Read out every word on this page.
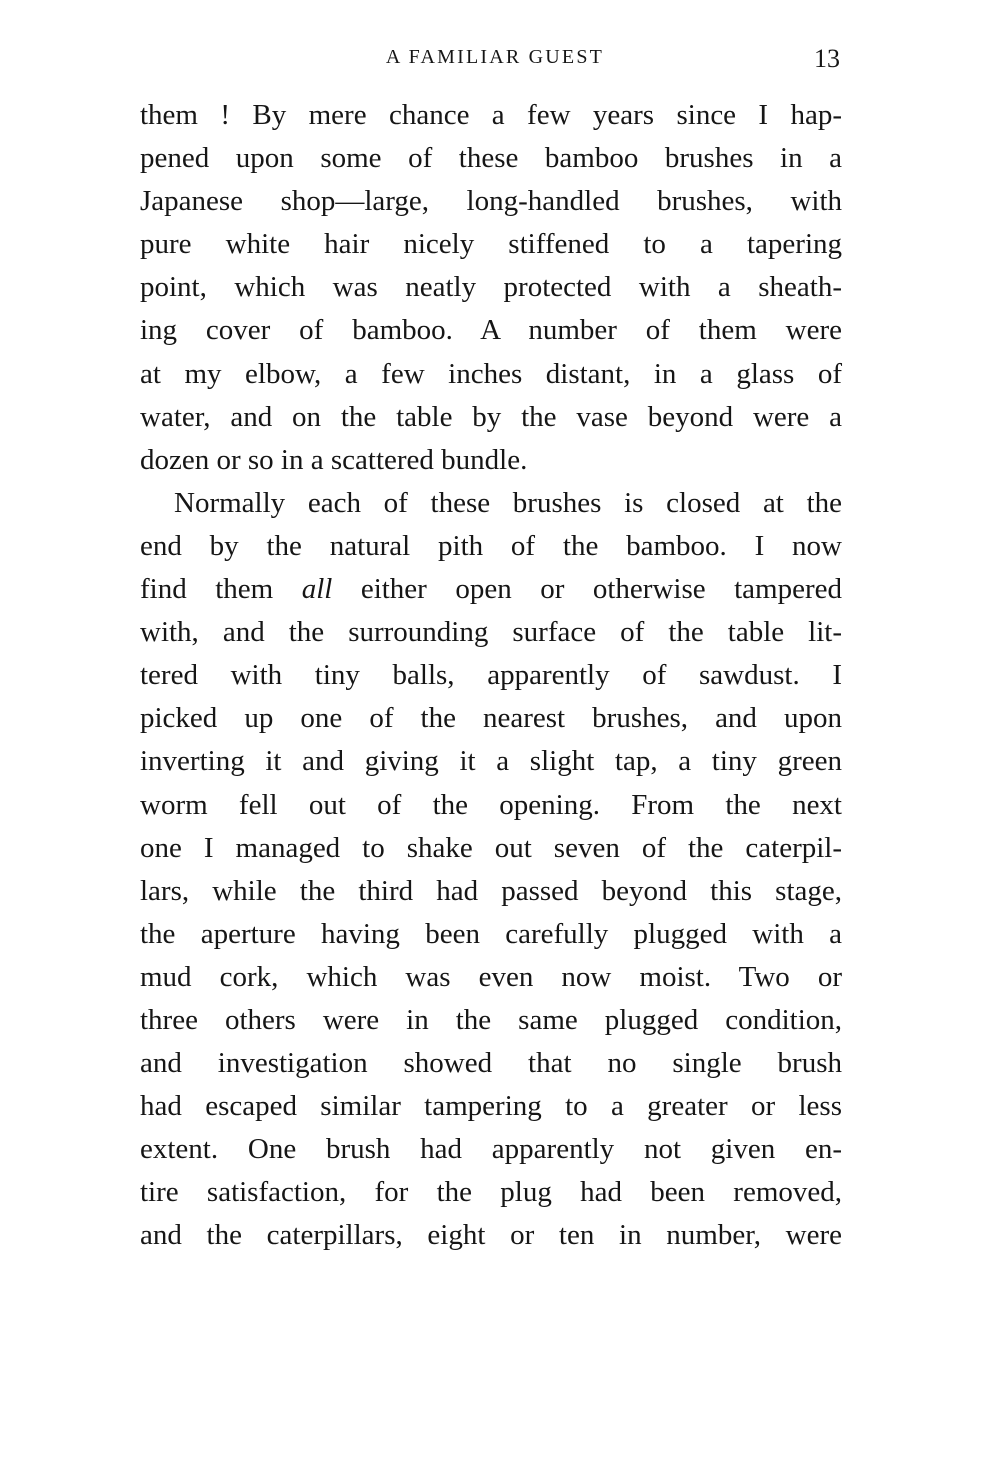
A FAMILIAR GUEST	13
them ! By mere chance a few years since I hap-
pened upon some of these bamboo brushes in a
Japanese shop—large, long-handled brushes, with
pure white hair nicely stiffened to a tapering
point, which was neatly protected with a sheath-
ing cover of bamboo. A number of them were
at my elbow, a few inches distant, in a glass of
water, and on the table by the vase beyond were a
dozen or so in a scattered bundle.
Normally each of these brushes is closed at the
end by the natural pith of the bamboo. I now
find them all either open or otherwise tampered
with, and the surrounding surface of the table lit-
tered with tiny balls, apparently of sawdust. I
picked up one of the nearest brushes, and upon
inverting it and giving it a slight tap, a tiny green
worm fell out of the opening. From the next
one I managed to shake out seven of the caterpil-
lars, while the third had passed beyond this stage,
the aperture having been carefully plugged with a
mud cork, which was even now moist. Two or
three others were in the same plugged condition,
and investigation showed that no single brush
had escaped similar tampering to a greater or less
extent. One brush had apparently not given en-
tire satisfaction, for the plug had been removed,
and the caterpillars, eight or ten in number, were
